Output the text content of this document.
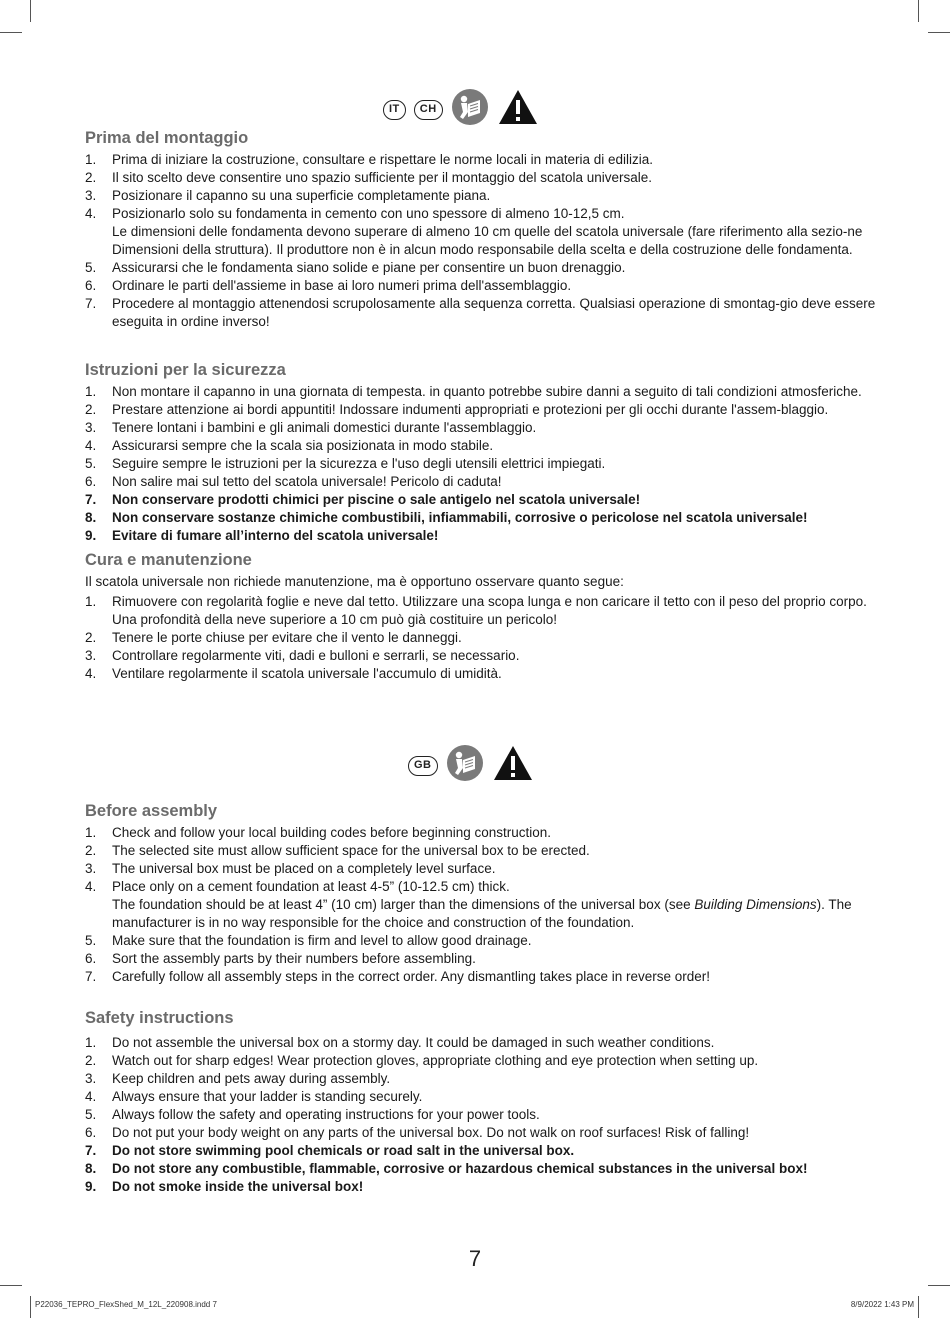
IT	CH
Prima del montaggio
1. Prima di iniziare la costruzione, consultare e rispettare le norme locali in materia di edilizia.
2. Il sito scelto deve consentire uno spazio sufficiente per il montaggio del scatola universale.
3. Posizionare il capanno su una superficie completamente piana.
4. Posizionarlo solo su fondamenta in cemento con uno spessore di almeno 10-12,5 cm.
Le dimensioni delle fondamenta devono superare di almeno 10 cm quelle del scatola universale (fare riferimento alla sezio-ne Dimensioni della struttura). Il produttore non è in alcun modo responsabile della scelta e della costruzione delle fondamenta.
5. Assicurarsi che le fondamenta siano solide e piane per consentire un buon drenaggio.
6. Ordinare le parti dell'assieme in base ai loro numeri prima dell'assemblaggio.
7. Procedere al montaggio attenendosi scrupolosamente alla sequenza corretta. Qualsiasi operazione di smontag-gio deve essere eseguita in ordine inverso!
Istruzioni per la sicurezza
1. Non montare il capanno in una giornata di tempesta. in quanto potrebbe subire danni a seguito di tali condizioni atmosferiche.
2. Prestare attenzione ai bordi appuntiti! Indossare indumenti appropriati e protezioni per gli occhi durante l'assem-blaggio.
3. Tenere lontani i bambini e gli animali domestici durante l'assemblaggio.
4. Assicurarsi sempre che la scala sia posizionata in modo stabile.
5. Seguire sempre le istruzioni per la sicurezza e l'uso degli utensili elettrici impiegati.
6. Non salire mai sul tetto del scatola universale! Pericolo di caduta!
7. Non conservare prodotti chimici per piscine o sale antigelo nel scatola universale!
8. Non conservare sostanze chimiche combustibili, infiammabili, corrosive o pericolose nel scatola universale!
9. Evitare di fumare all’interno del scatola universale!
Cura e manutenzione

Il scatola universale non richiede manutenzione, ma è opportuno osservare quanto segue:

1. Rimuovere con regolarità foglie e neve dal tetto. Utilizzare una scopa lunga e non caricare il tetto con il peso del proprio corpo. Una profondità della neve superiore a 10 cm può già costituire un pericolo!
2. Tenere le porte chiuse per evitare che il vento le danneggi.
3. Controllare regolarmente viti, dadi e bulloni e serrarli, se necessario.
4. Ventilare regolarmente il scatola universale l'accumulo di umidità.
GB
Before assembly
1. Check and follow your local building codes before beginning construction.
2. The selected site must allow sufficient space for the universal box to be erected.
3. The universal box must be placed on a completely level surface.
4. Place only on a cement foundation at least 4-5” (10-12.5 cm) thick.
The foundation should be at least 4” (10 cm) larger than the dimensions of the universal box (see Building Dimensions). The manufacturer is in no way responsible for the choice and construction of the foundation.
5. Make sure that the foundation is firm and level to allow good drainage.
6. Sort the assembly parts by their numbers before assembling.
7. Carefully follow all assembly steps in the correct order. Any dismantling takes place in reverse order!
Safety instructions
1. Do not assemble the universal box on a stormy day. It could be damaged in such weather conditions.
2. Watch out for sharp edges! Wear protection gloves, appropriate clothing and eye protection when setting up.
3. Keep children and pets away during assembly.
4. Always ensure that your ladder is standing securely.
5. Always follow the safety and operating instructions for your power tools.
6. Do not put your body weight on any parts of the universal box. Do not walk on roof surfaces! Risk of falling!
7. Do not store swimming pool chemicals or road salt in the universal box.
8. Do not store any combustible, flammable, corrosive or hazardous chemical substances in the universal box!
9. Do not smoke inside the universal box!
7
P22036_TEPRO_FlexShed_M_12L_220908.indd 7	8/9/2022 1:43 PM
